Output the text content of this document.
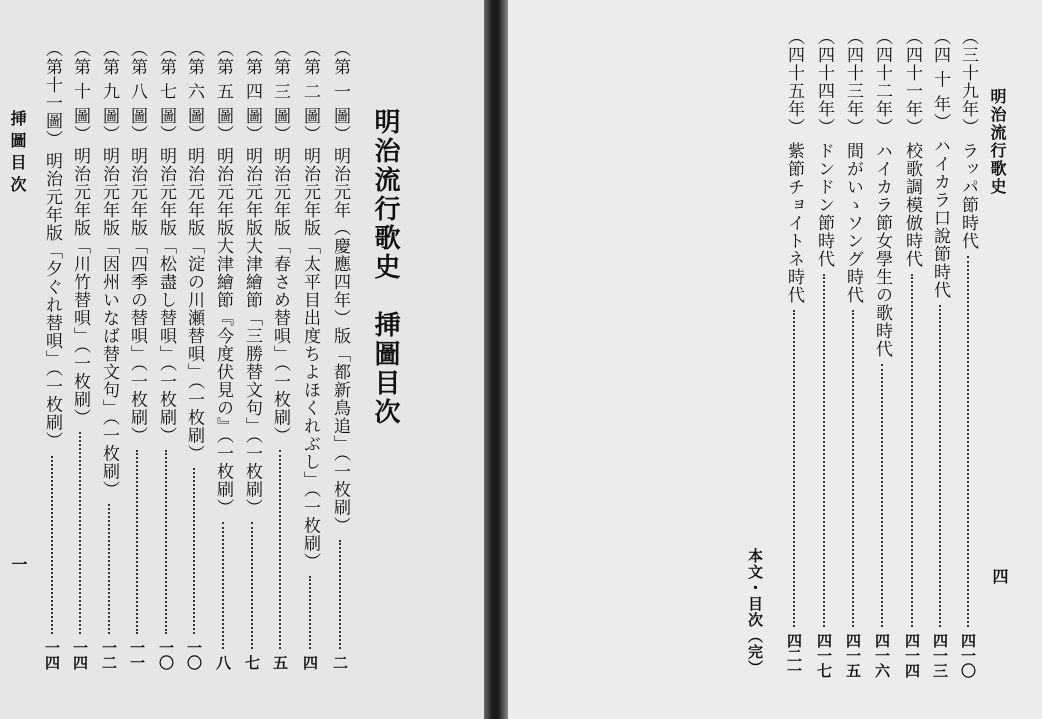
明治流行歌史　挿圖目次
（第 一 圖）
明治元年（慶應四年）版「都新鳥追」（一枚刷）
二
（第 二 圖）
明治元年版「太平目出度ちよほくれぶし」（一枚刷）
四
（第 三 圖）
明治元年版「春さめ替唄」（一枚刷）
五
（第 四 圖）
明治元年版大津繪節「三勝替文句」（一枚刷）
七
（第 五 圖）
明治元年版大津繪節『今度伏見の』（一枚刷）
八
（第 六 圖）
明治元年版「淀の川瀬替唄」（一枚刷）
一〇
（第 七 圖）
明治元年版「松盡し替唄」（一枚刷）
一〇
（第 八 圖）
明治元年版「四季の替唄」（一枚刷）
一一
（第 九 圖）
明治元年版「因州いなば替文句」（一枚刷）
一二
（第 十 圖）
明治元年版「川竹替唄」（一枚刷）
一四
（第十一圖）
明治元年版「夕ぐれ替唄」（一枚刷）
一四
挿圖目次
一
明治流行歌史
（三十九年）
ラッパ節時代
四一〇
（四 十 年）
ハイカラ口說節時代
四一三
（四十一年）
校歌調模倣時代
四一四
（四十二年）
ハイカラ節女學生の歌時代
四一六
（四十三年）
間がいゝソング時代
四一五
（四十四年）
ドンドン節時代
四一七
（四十五年）
紫節チョイトネ時代
四二一
本文・目次（完）	四
